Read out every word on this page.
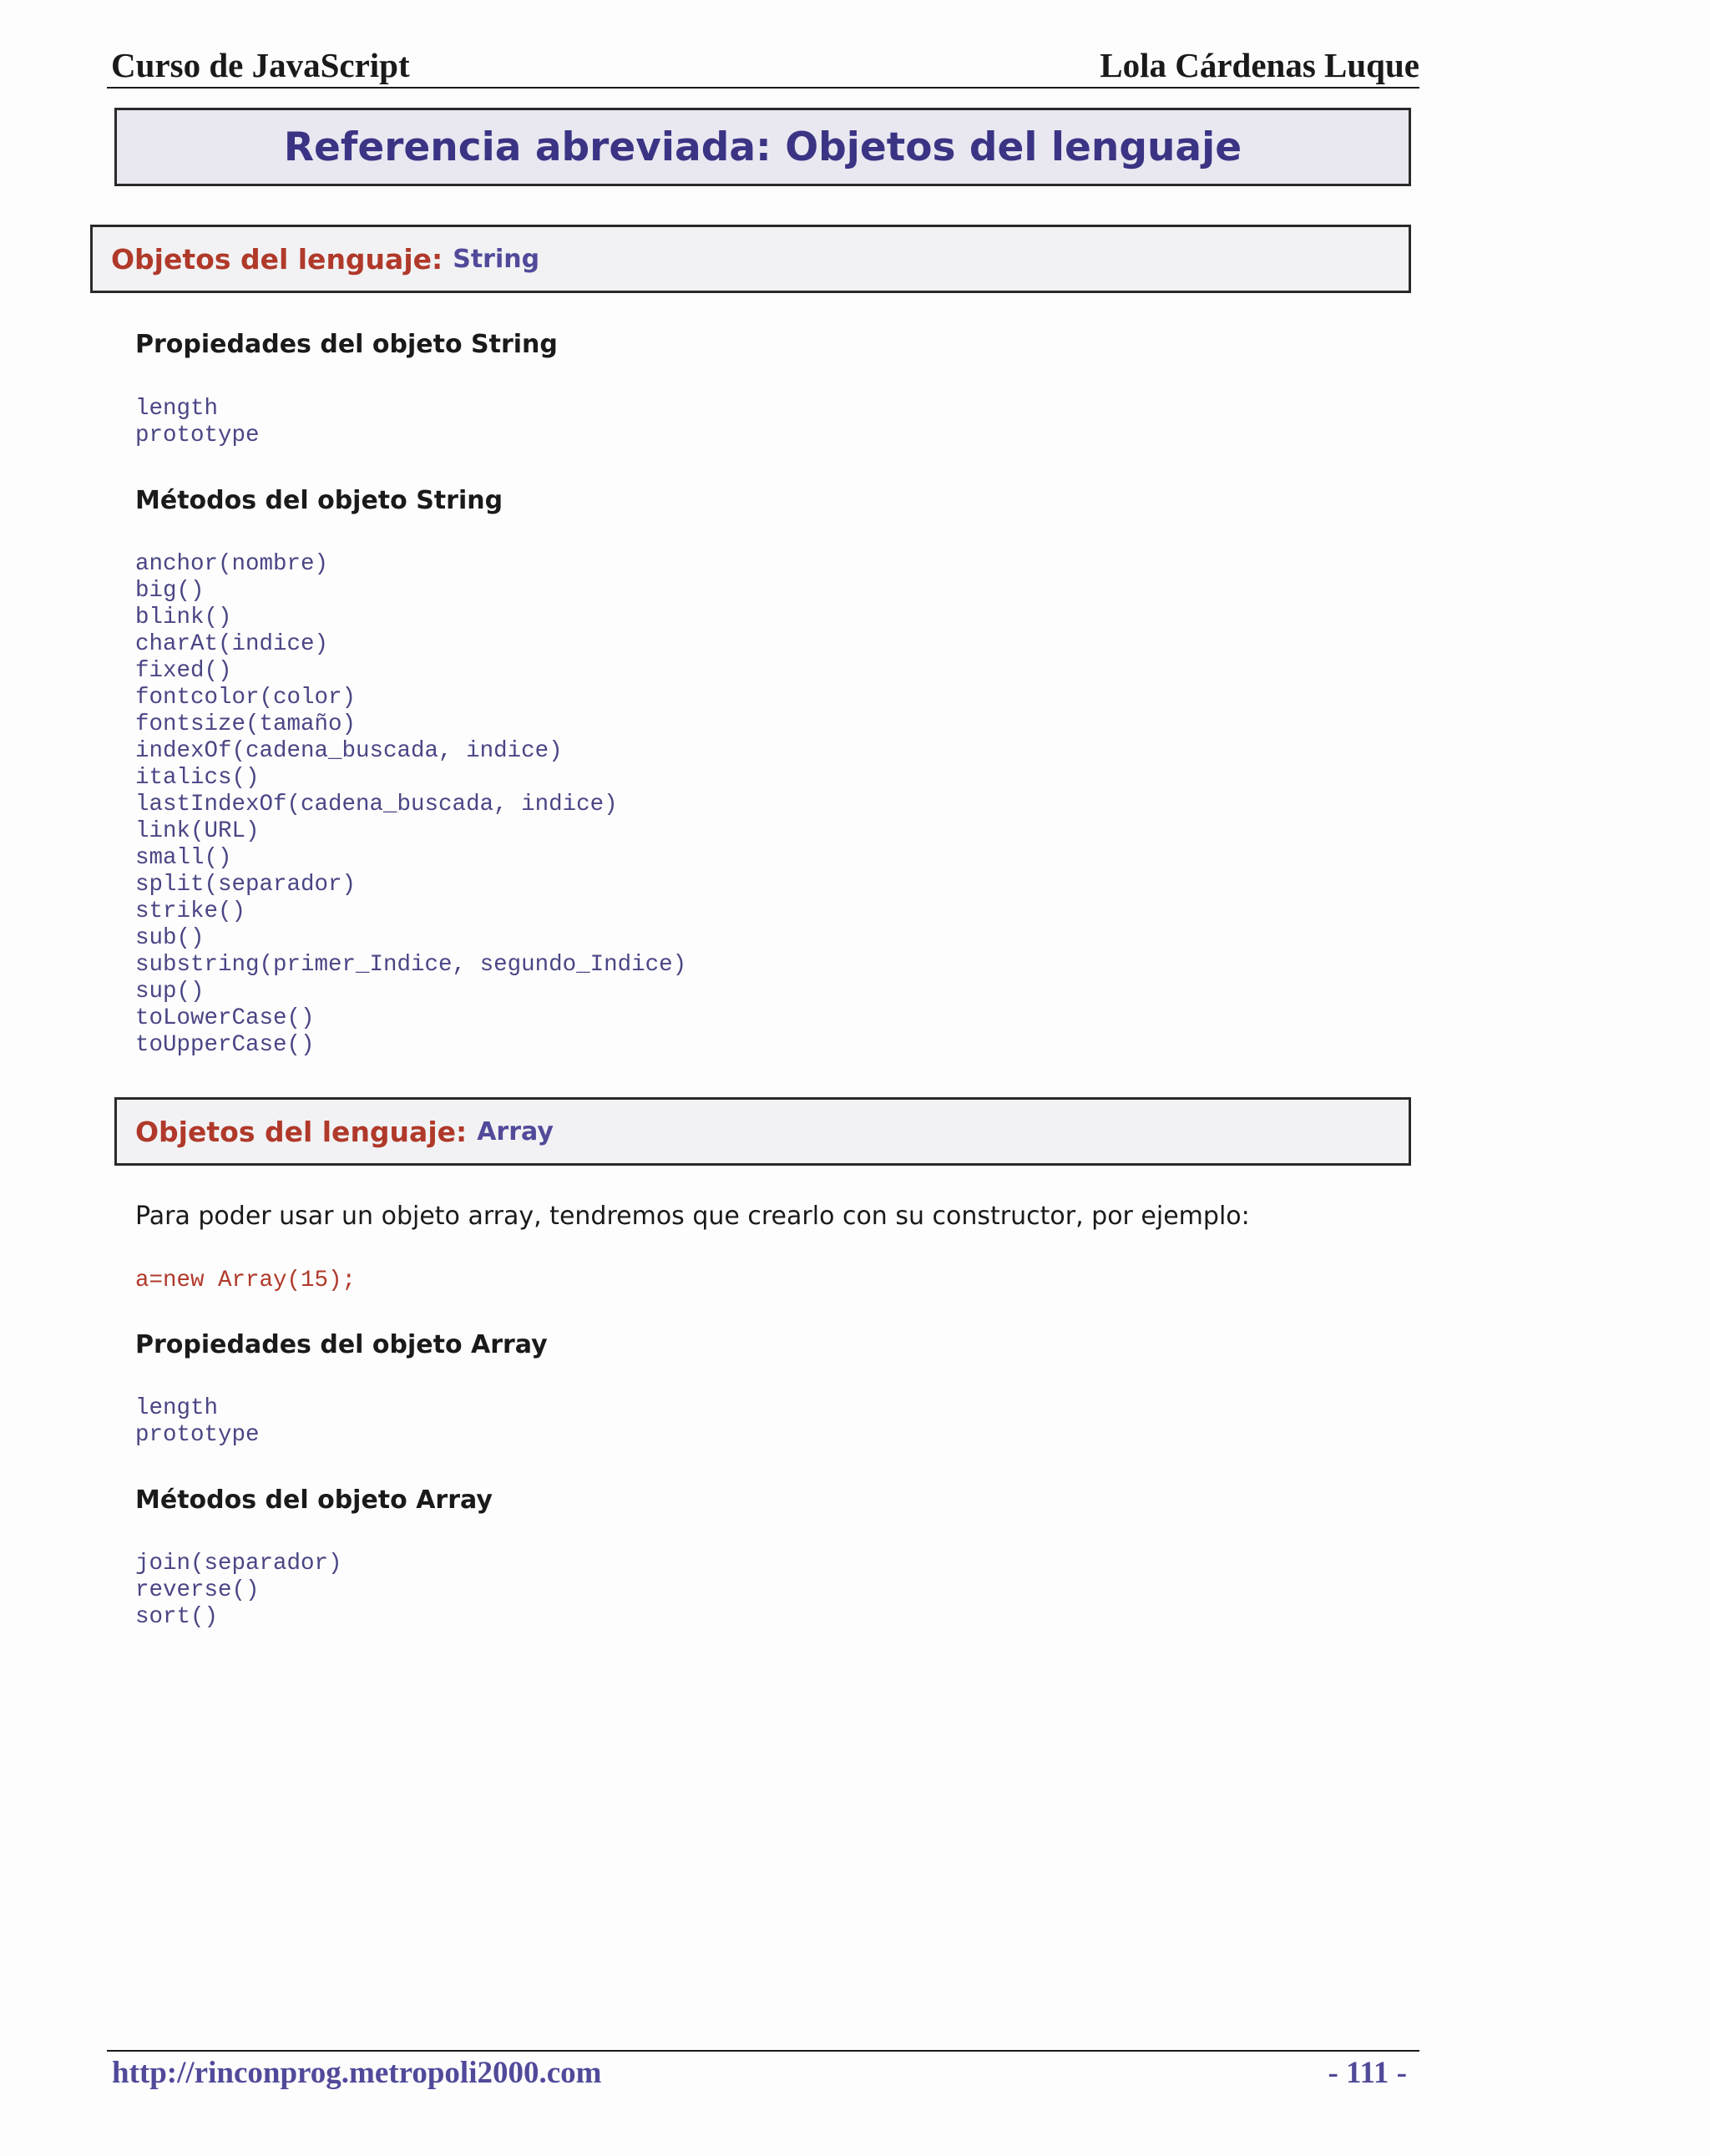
Curso de JavaScript	Lola Cárdenas Luque
Referencia abreviada: Objetos del lenguaje
Objetos del lenguaje: String
Propiedades del objeto String
length
prototype
Métodos del objeto String
anchor(nombre)
big()
blink()
charAt(indice)
fixed()
fontcolor(color)
fontsize(tamaño)
indexOf(cadena_buscada, indice)
italics()
lastIndexOf(cadena_buscada, indice)
link(URL)
small()
split(separador)
strike()
sub()
substring(primer_Indice, segundo_Indice)
sup()
toLowerCase()
toUpperCase()
Objetos del lenguaje: Array
Para poder usar un objeto array, tendremos que crearlo con su constructor, por ejemplo:
a=new Array(15);
Propiedades del objeto Array
length
prototype
Métodos del objeto Array
join(separador)
reverse()
sort()
http://rinconprog.metropoli2000.com	- 111 -
